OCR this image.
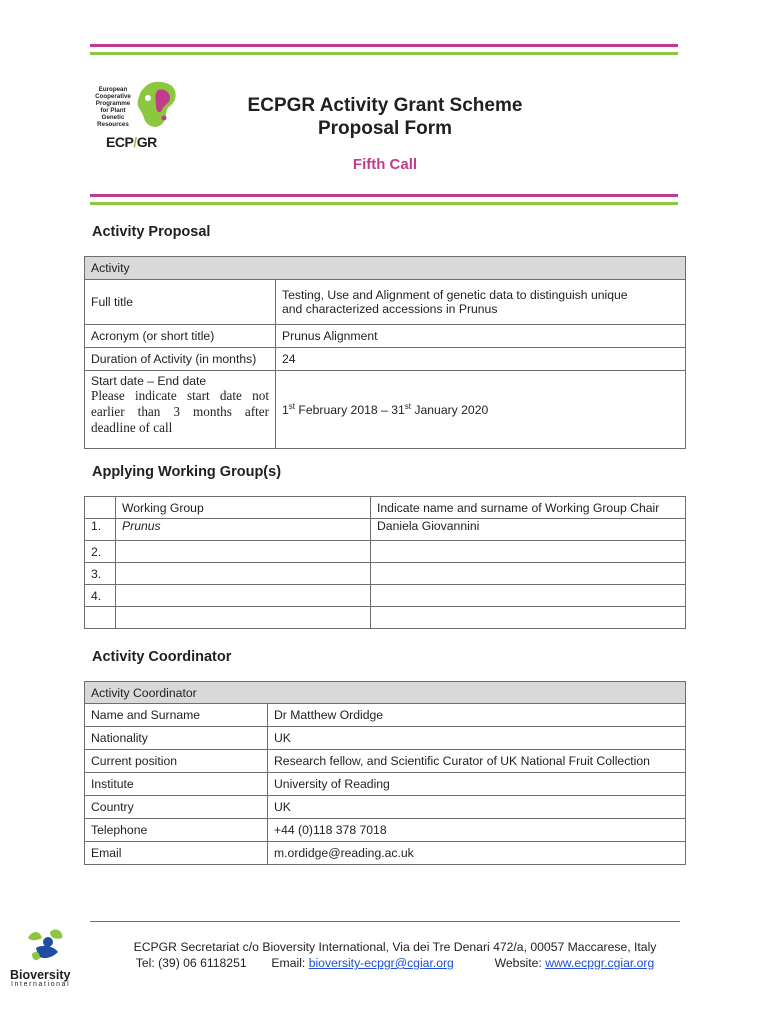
European
Cooperative
Programme
for Plant
Genetic
Resources
ECP/GR
ECPGR Activity Grant Scheme
Proposal Form
Fifth Call
Activity Proposal
Activity	
Full title	Testing, Use and Alignment of genetic data to distinguish unique
and characterized accessions in Prunus

Acronym (or short title)	Prunus Alignment
Duration of Activity (in months)	24

Start date – End date
Please indicate start date not earlier than 3 months after deadline of call	1st February 2018 – 31st January 2020
Applying Working Group(s)
	Working Group	Indicate name and surname of Working Group Chair
1.	Prunus	Daniela Giovannini
2.		
3.		
4.		

Activity Coordinator
Activity Coordinator	
Name and Surname	Dr Matthew Ordidge
Nationality	UK
Current position	Research fellow, and Scientific Curator of UK National Fruit Collection
Institute	University of Reading
Country	UK
Telephone	+44 (0)118 378 7018
Email	m.ordidge@reading.ac.uk
Bioversity
International
ECPGR Secretariat c/o Bioversity International, Via dei Tre Denari 472/a, 00057 Maccarese, Italy
Tel: (39) 06 6118251 Email: bioversity-ecpgr@cgiar.org	Website: www.ecpgr.cgiar.org
